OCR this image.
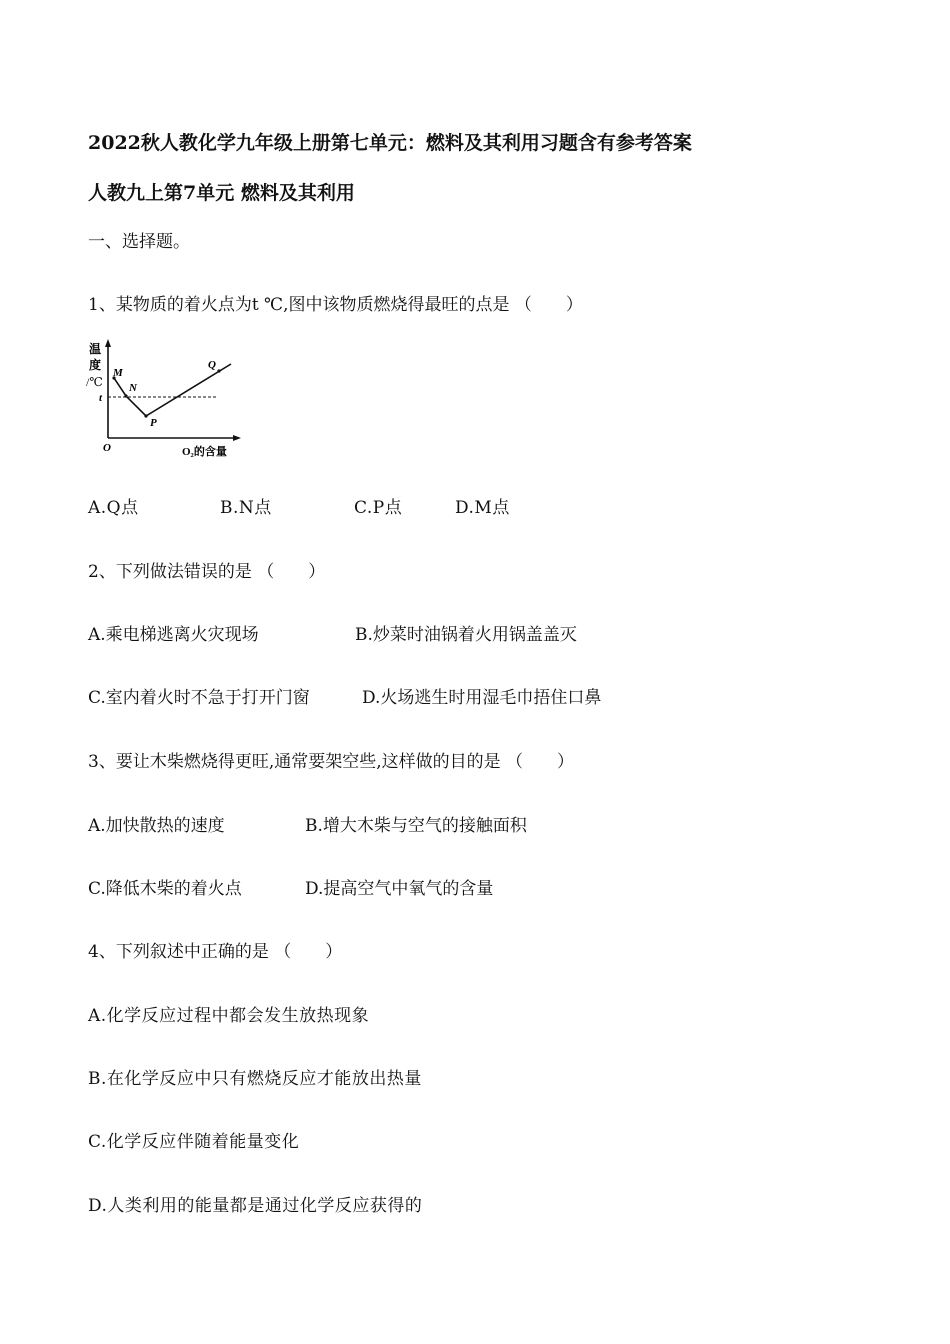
2022秋人教化学九年级上册第七单元：燃料及其利用习题含有参考答案
人教九上第7单元 燃料及其利用
一、选择题。
1、某物质的着火点为t ℃,图中该物质燃烧得最旺的点是 （　　）
温
度
/℃
M
N
P
Q
t
O	O₂的含量
A.Q点	B.N点	C.P点	D.M点
2、下列做法错误的是 （　　）
A.乘电梯逃离火灾现场	B.炒菜时油锅着火用锅盖盖灭
C.室内着火时不急于打开门窗	D.火场逃生时用湿毛巾捂住口鼻
3、要让木柴燃烧得更旺,通常要架空些,这样做的目的是 （　　）
A.加快散热的速度	B.增大木柴与空气的接触面积
C.降低木柴的着火点	D.提高空气中氧气的含量
4、下列叙述中正确的是 （　　）
A.化学反应过程中都会发生放热现象
B.在化学反应中只有燃烧反应才能放出热量
C.化学反应伴随着能量变化
D.人类利用的能量都是通过化学反应获得的
